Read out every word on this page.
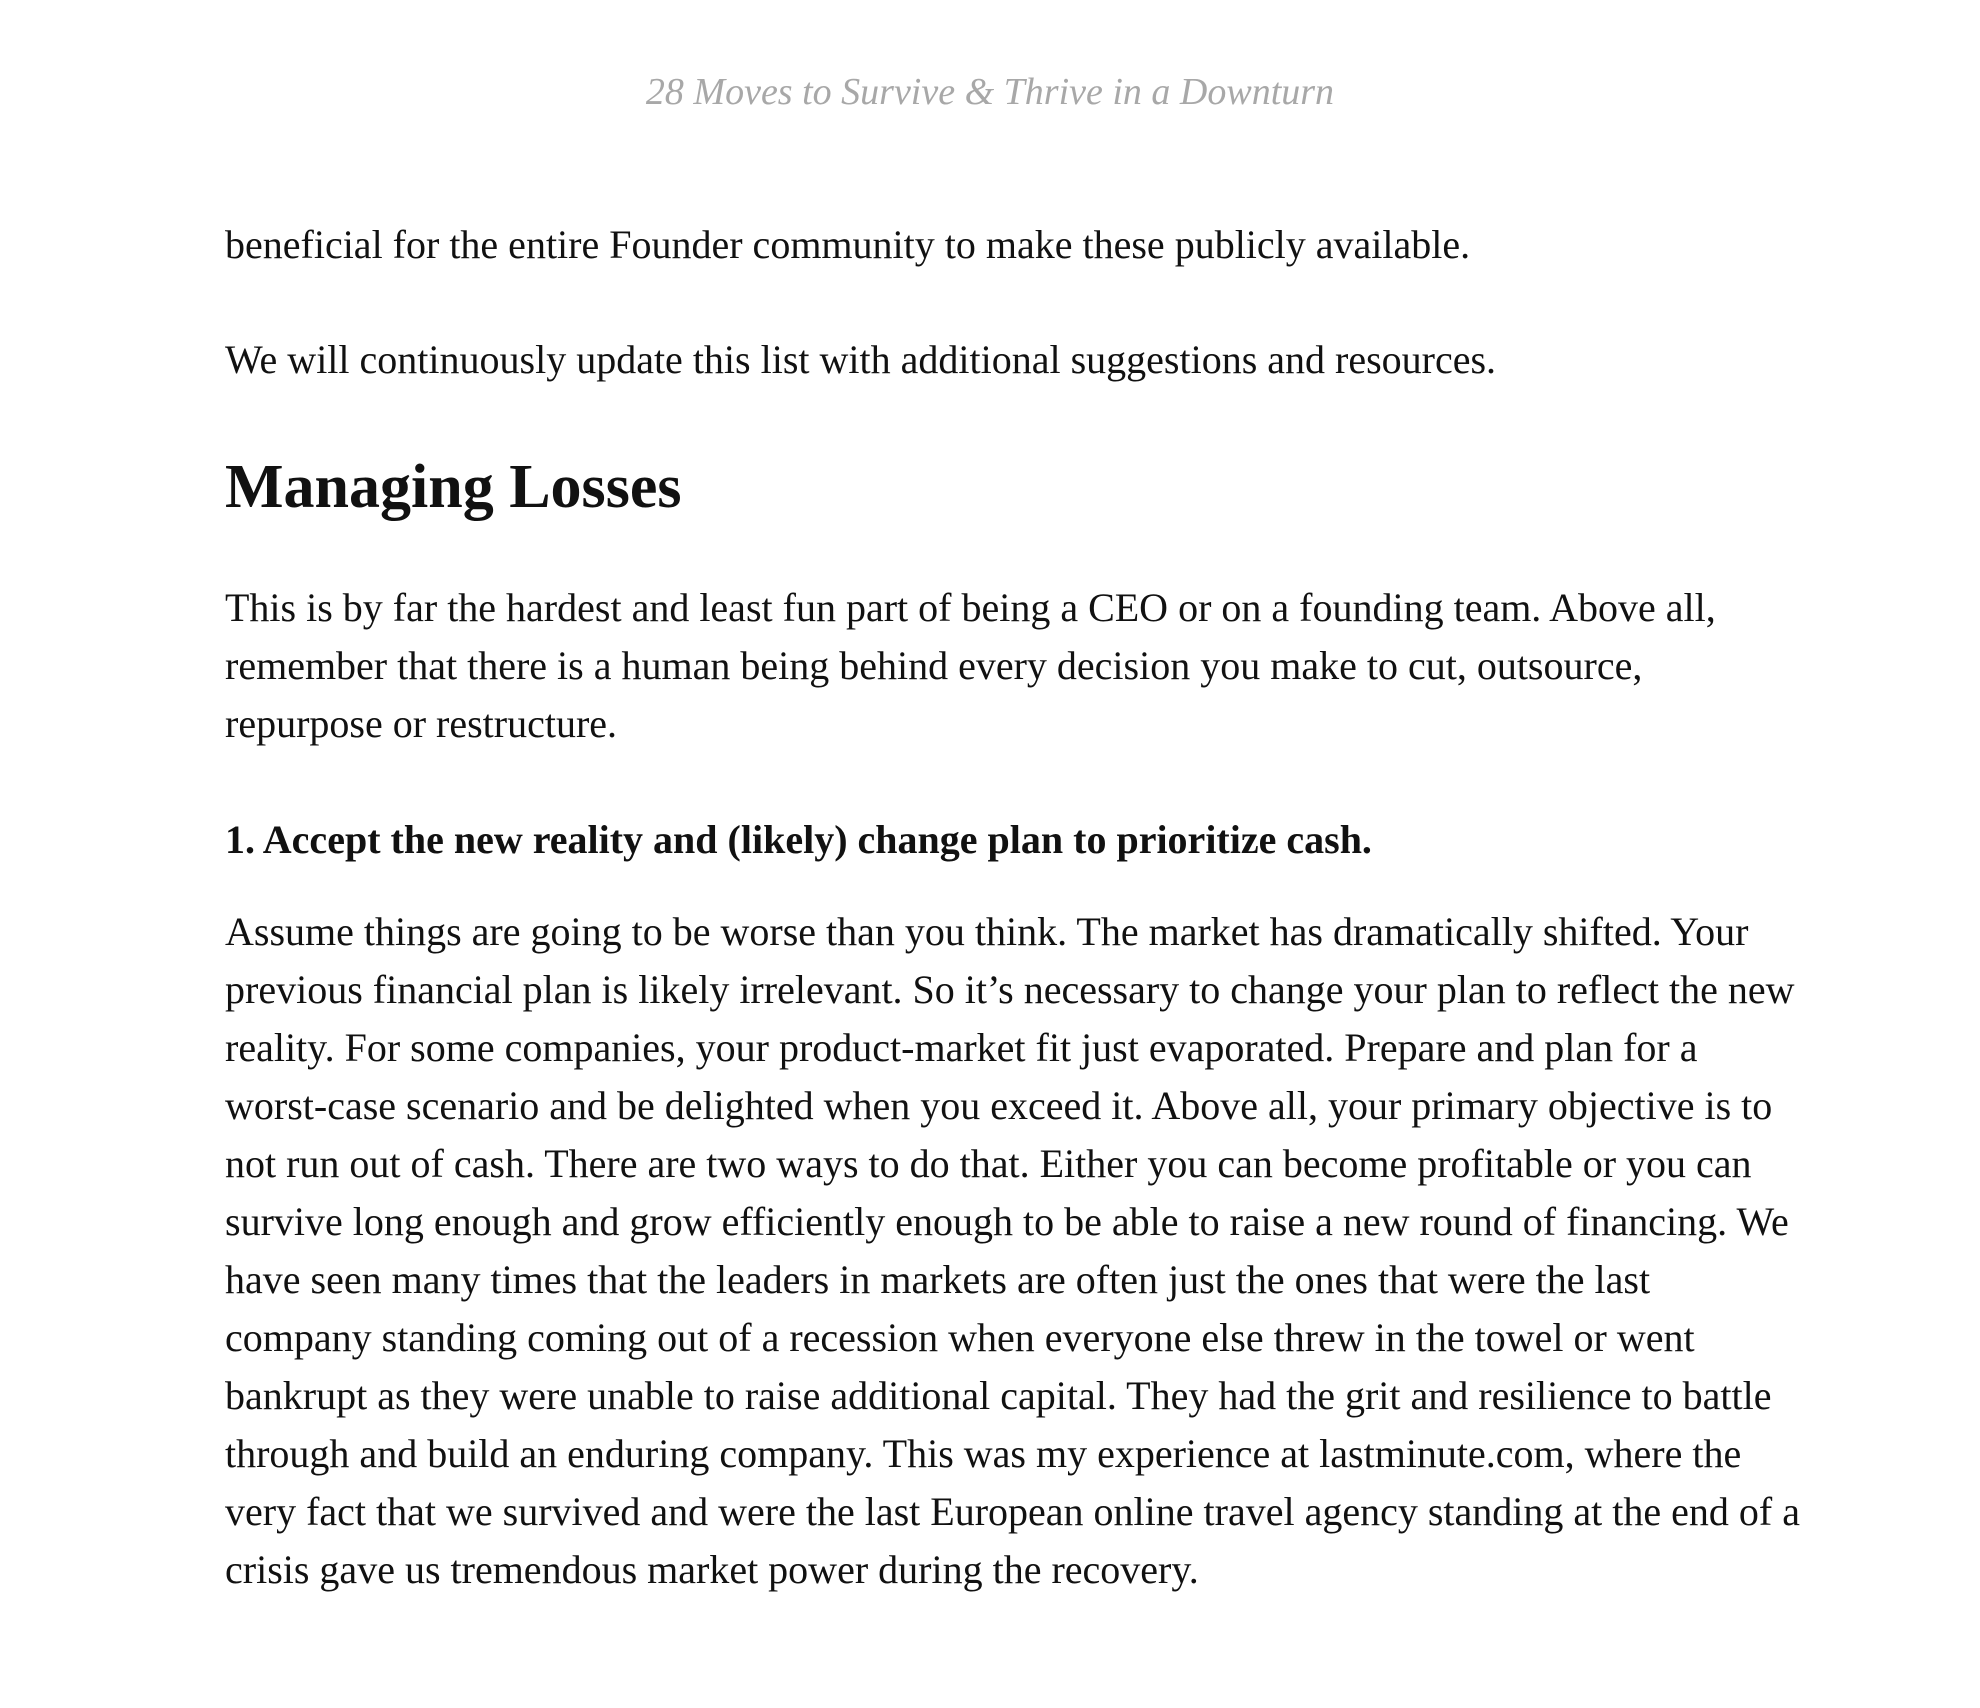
28 Moves to Survive & Thrive in a Downturn

beneficial for the entire Founder community to make these publicly available.

We will continuously update this list with additional suggestions and resources.

Managing Losses

This is by far the hardest and least fun part of being a CEO or on a founding team. Above all, remember that there is a human being behind every decision you make to cut, outsource, repurpose or restructure.

1. Accept the new reality and (likely) change plan to prioritize cash.

Assume things are going to be worse than you think. The market has dramatically shifted. Your previous financial plan is likely irrelevant. So it’s necessary to change your plan to reflect the new reality. For some companies, your product-market fit just evaporated. Prepare and plan for a worst-case scenario and be delighted when you exceed it. Above all, your primary objective is to not run out of cash. There are two ways to do that. Either you can become profitable or you can survive long enough and grow efficiently enough to be able to raise a new round of financing. We have seen many times that the leaders in markets are often just the ones that were the last company standing coming out of a recession when everyone else threw in the towel or went bankrupt as they were unable to raise additional capital. They had the grit and resilience to battle through and build an enduring company. This was my experience at lastminute.com, where the very fact that we survived and were the last European online travel agency standing at the end of a crisis gave us tremendous market power during the recovery.
